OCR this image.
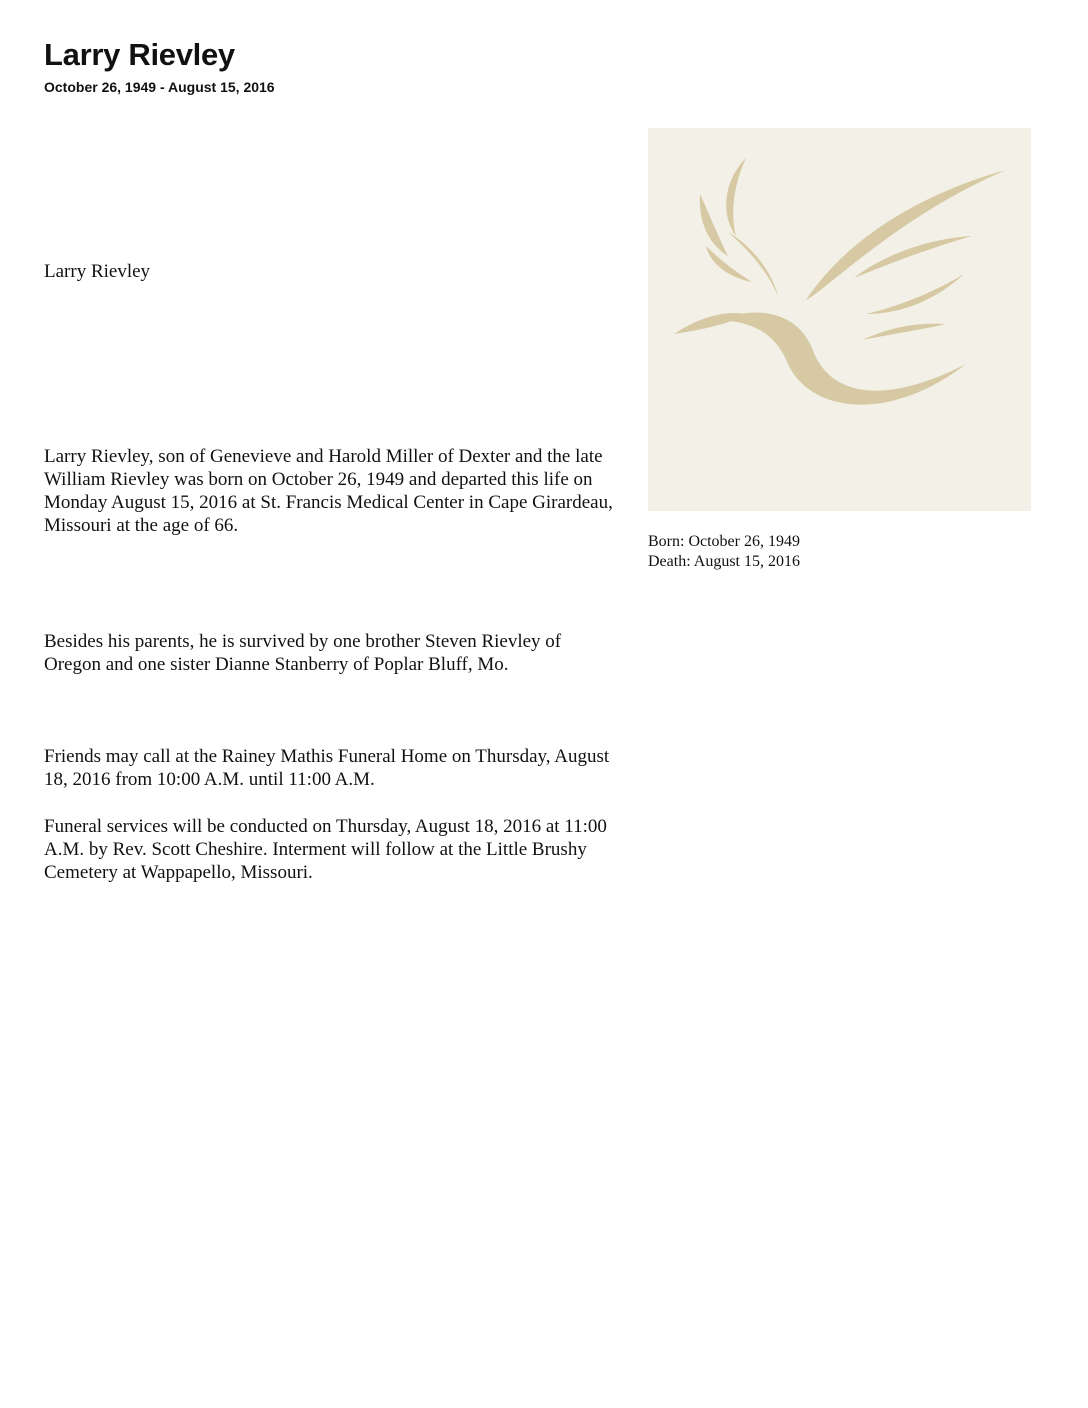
Larry Rievley
October 26, 1949 - August 15, 2016

Larry Rievley

Larry Rievley, son of Genevieve and Harold Miller of Dexter and the late William Rievley was born on October 26, 1949 and departed this life on Monday August 15, 2016 at St. Francis Medical Center in Cape Girardeau, Missouri at the age of 66.

Besides his parents, he is survived by one brother Steven Rievley of Oregon and one sister Dianne Stanberry of Poplar Bluff, Mo.

Friends may call at the Rainey Mathis Funeral Home on Thursday, August 18, 2016 from 10:00 A.M. until 11:00 A.M.

Funeral services will be conducted on Thursday, August 18, 2016 at 11:00 A.M. by Rev. Scott Cheshire. Interment will follow at the Little Brushy Cemetery at Wappapello, Missouri.

Born: October 26, 1949
Death: August 15, 2016
